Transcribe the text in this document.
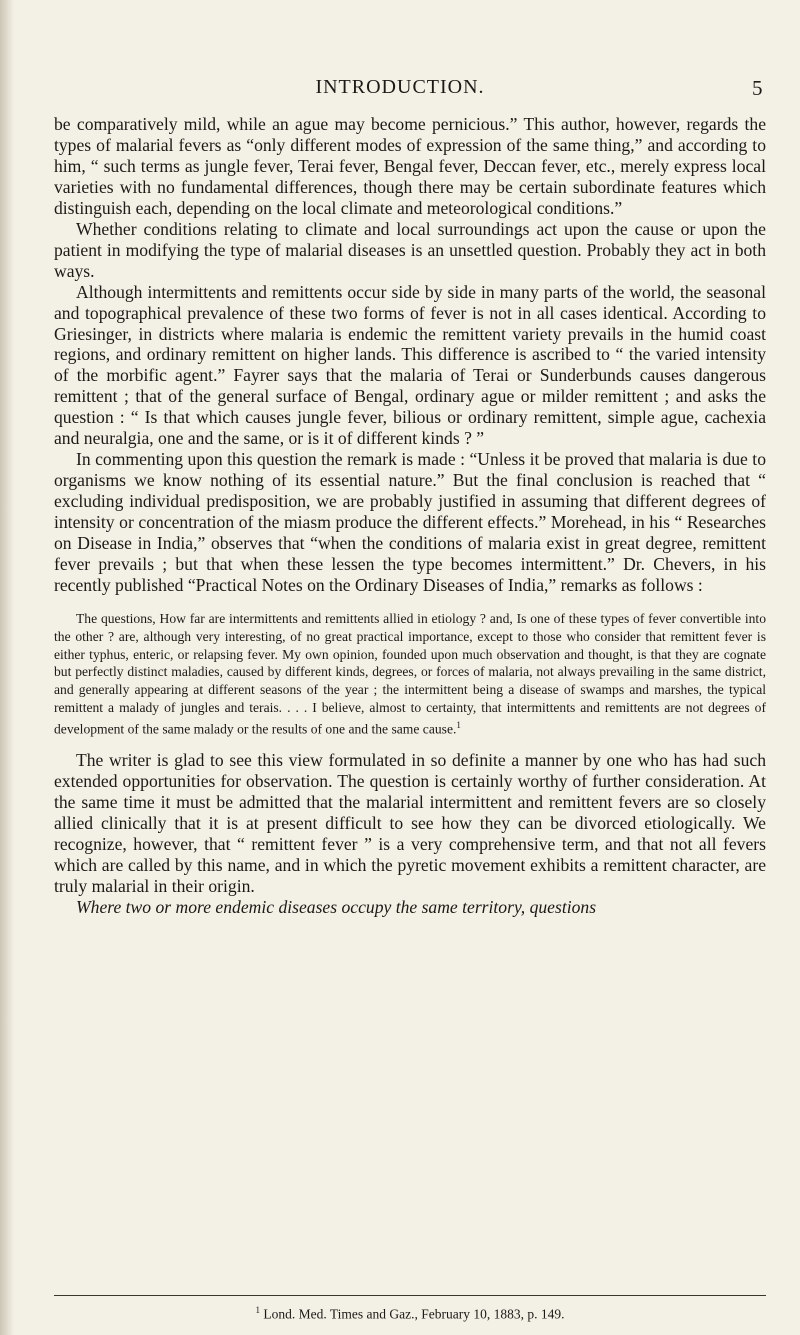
INTRODUCTION.	5

be comparatively mild, while an ague may become pernicious.” This author, however, regards the types of malarial fevers as “only different modes of expression of the same thing,” and according to him, “ such terms as jungle fever, Terai fever, Bengal fever, Deccan fever, etc., merely express local varieties with no fundamental differences, though there may be certain subordinate features which distinguish each, depending on the local climate and meteorological conditions.”

Whether conditions relating to climate and local surroundings act upon the cause or upon the patient in modifying the type of malarial diseases is an unsettled question. Probably they act in both ways.

Although intermittents and remittents occur side by side in many parts of the world, the seasonal and topographical prevalence of these two forms of fever is not in all cases identical. According to Griesinger, in districts where malaria is endemic the remittent variety prevails in the humid coast regions, and ordinary remittent on higher lands. This difference is ascribed to “ the varied intensity of the morbific agent.” Fayrer says that the malaria of Terai or Sunderbunds causes dangerous remittent ; that of the general surface of Bengal, ordinary ague or milder remittent ; and asks the question : “ Is that which causes jungle fever, bilious or ordinary remittent, simple ague, cachexia and neuralgia, one and the same, or is it of different kinds ? ”

In commenting upon this question the remark is made : “Unless it be proved that malaria is due to organisms we know nothing of its essential nature.” But the final conclusion is reached that “ excluding individual predisposition, we are probably justified in assuming that different degrees of intensity or concentration of the miasm produce the different effects.” Morehead, in his “ Researches on Disease in India,” observes that “when the conditions of malaria exist in great degree, remittent fever prevails ; but that when these lessen the type becomes intermittent.” Dr. Chevers, in his recently published “Practical Notes on the Ordinary Diseases of India,” remarks as follows :

The questions, How far are intermittents and remittents allied in etiology ? and, Is one of these types of fever convertible into the other ? are, although very interesting, of no great practical importance, except to those who consider that remittent fever is either typhus, enteric, or relapsing fever. My own opinion, founded upon much observation and thought, is that they are cognate but perfectly distinct maladies, caused by different kinds, degrees, or forces of malaria, not always prevailing in the same district, and generally appearing at different seasons of the year ; the intermittent being a disease of swamps and marshes, the typical remittent a malady of jungles and terais. . . . I believe, almost to certainty, that intermittents and remittents are not degrees of development of the same malady or the results of one and the same cause.$^1$

The writer is glad to see this view formulated in so definite a manner by one who has had such extended opportunities for observation. The question is certainly worthy of further consideration. At the same time it must be admitted that the malarial intermittent and remittent fevers are so closely allied clinically that it is at present difficult to see how they can be divorced etiologically. We recognize, however, that “ remittent fever ” is a very comprehensive term, and that not all fevers which are called by this name, and in which the pyretic movement exhibits a remittent character, are truly malarial in their origin.

Where two or more endemic diseases occupy the same territory, questions

$^1$ Lond. Med. Times and Gaz., February 10, 1883, p. 149.
